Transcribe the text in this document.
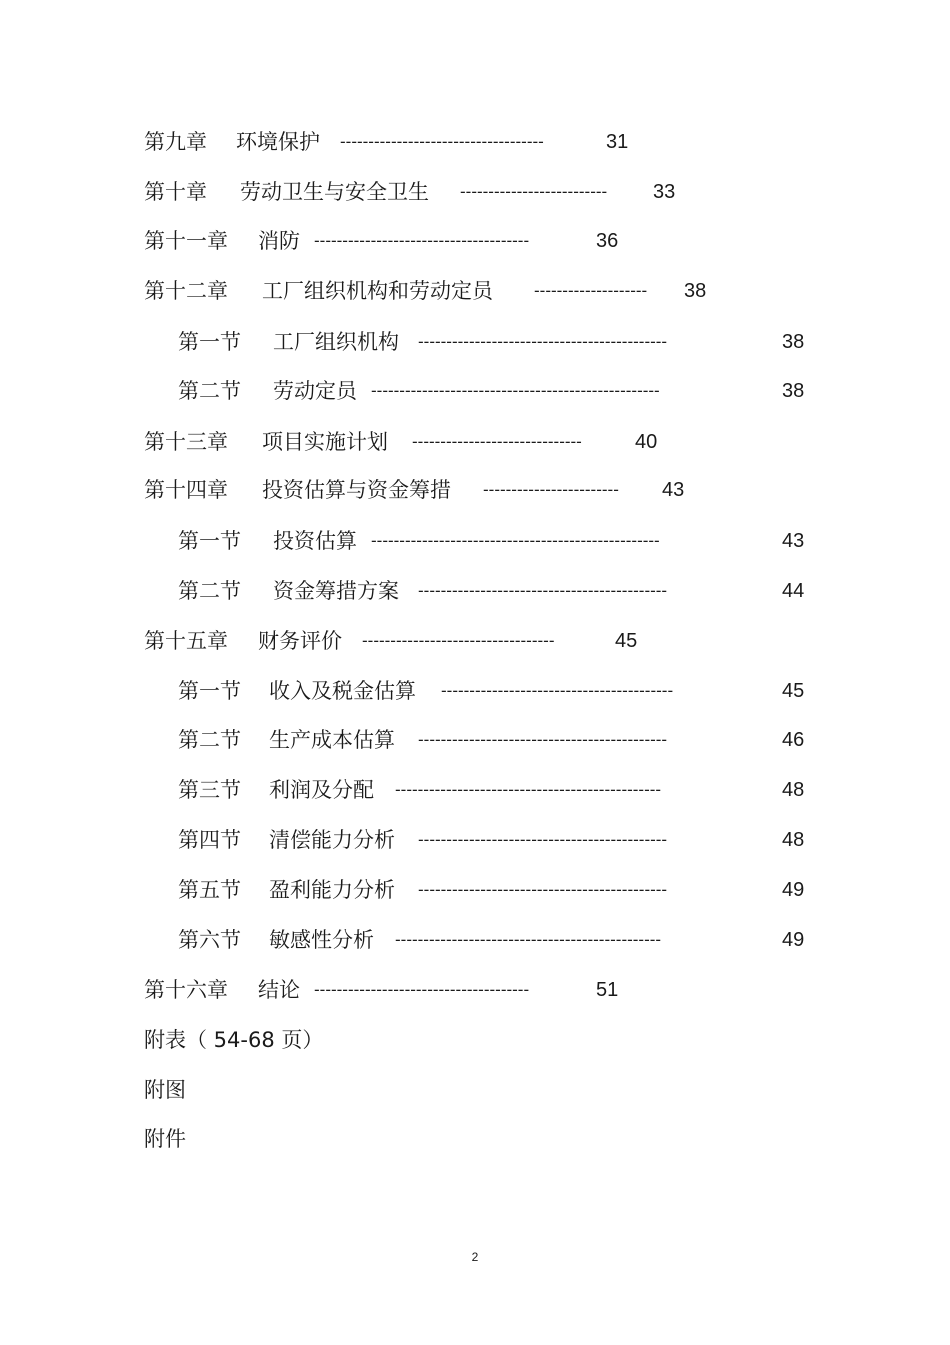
第九章 环境保护 ------------------------------------	31
第十章 劳动卫生与安全卫生 -------------------------- 33
第十一章 消防 --------------------------------------	36
第十二章 工厂组织机构和劳动定员 -------------------- 38
第一节 工厂组织机构 --------------------------------------------	38
第二节 劳动定员 ---------------------------------------------------	38
第十三章 项目实施计划 ------------------------------	40
第十四章 投资估算与资金筹措 ------------------------ 43
第一节 投资估算 ---------------------------------------------------	43
第二节 资金筹措方案 --------------------------------------------	44
第十五章 财务评价 ----------------------------------	45
第一节 收入及税金估算 -----------------------------------------	45
第二节 生产成本估算 --------------------------------------------	46
第三节 利润及分配 -----------------------------------------------	48
第四节 清偿能力分析 --------------------------------------------	48
第五节 盈利能力分析 --------------------------------------------	49
第六节 敏感性分析 -----------------------------------------------	49
第十六章 结论 --------------------------------------	51
附表（ 54-68 页）
附图
附件
2
